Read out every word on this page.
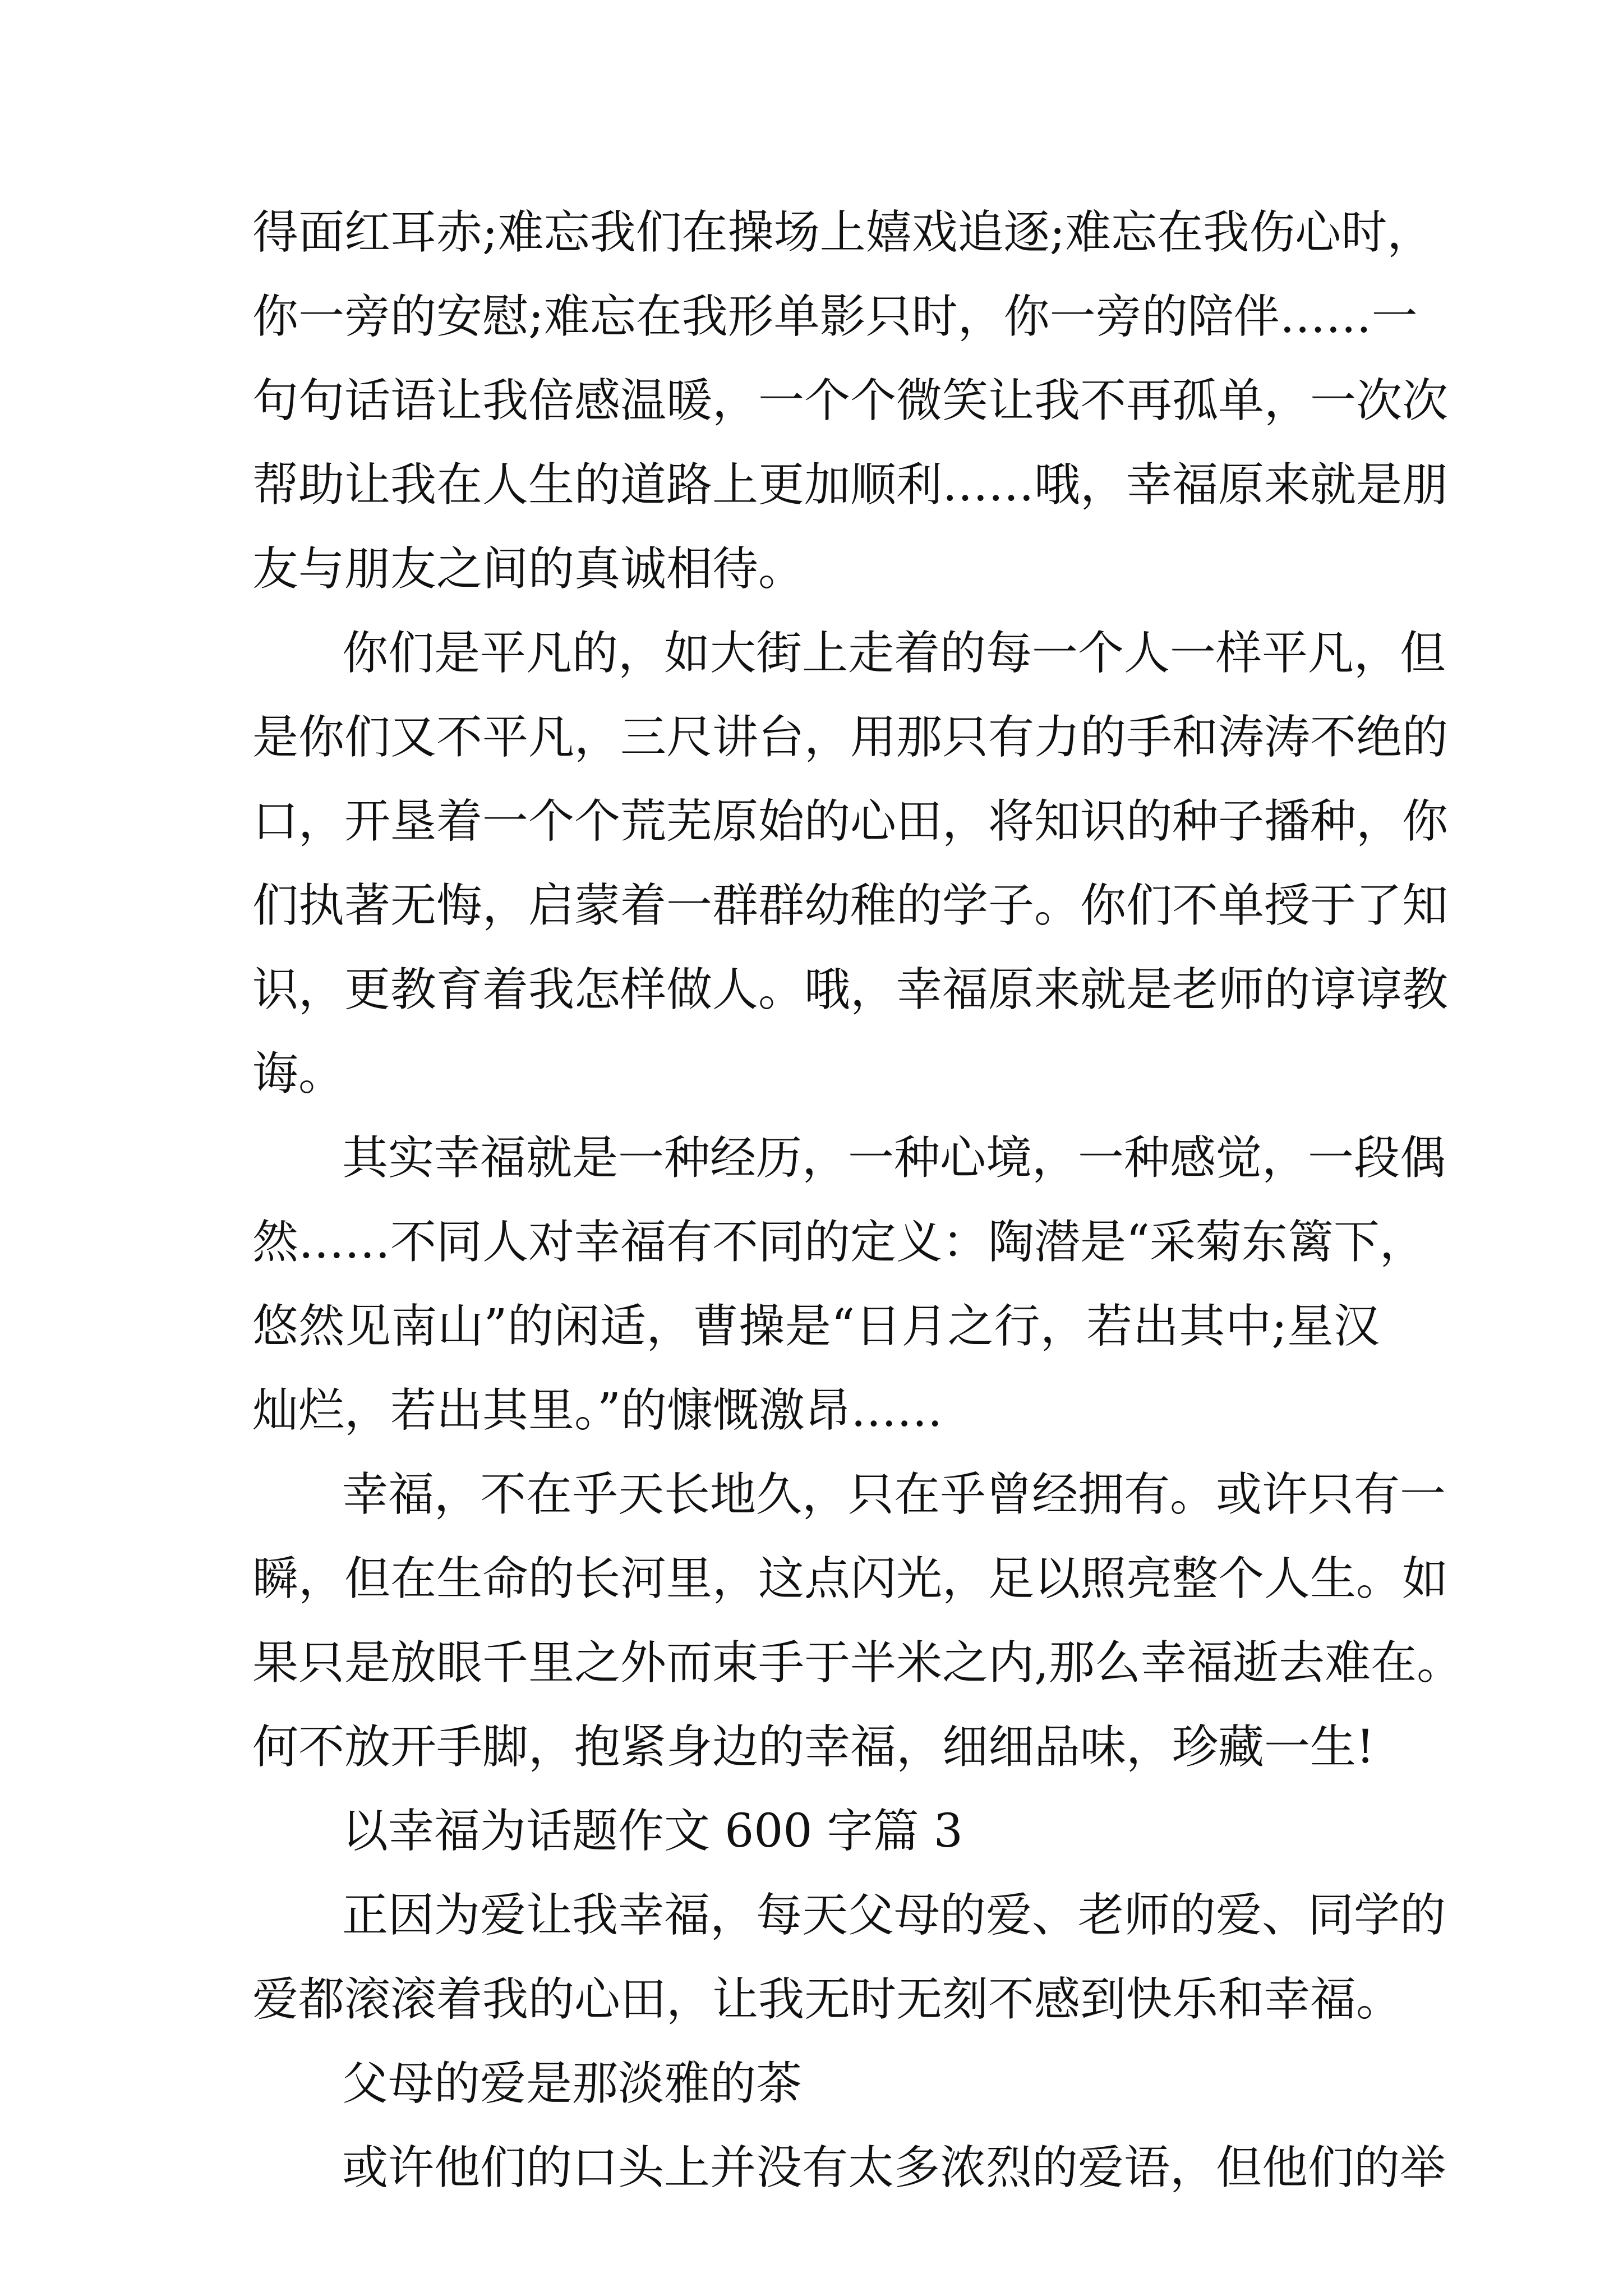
得面红耳赤;难忘我们在操场上嬉戏追逐;难忘在我伤心时，
你一旁的安慰;难忘在我形单影只时，你一旁的陪伴……一
句句话语让我倍感温暖，一个个微笑让我不再孤单，一次次
帮助让我在人生的道路上更加顺利……哦，幸福原来就是朋
友与朋友之间的真诚相待。
你们是平凡的，如大街上走着的每一个人一样平凡，但
是你们又不平凡，三尺讲台，用那只有力的手和涛涛不绝的
口，开垦着一个个荒芜原始的心田，将知识的种子播种，你
们执著无悔，启蒙着一群群幼稚的学子。你们不单授于了知
识，更教育着我怎样做人。哦，幸福原来就是老师的谆谆教
诲。
其实幸福就是一种经历，一种心境，一种感觉，一段偶
然……不同人对幸福有不同的定义：陶潜是“采菊东篱下，
悠然见南山”的闲适，曹操是“日月之行，若出其中;星汉
灿烂，若出其里。”的慷慨激昂……
幸福，不在乎天长地久，只在乎曾经拥有。或许只有一
瞬，但在生命的长河里，这点闪光，足以照亮整个人生。如
果只是放眼千里之外而束手于半米之内,那么幸福逝去难在。
何不放开手脚，抱紧身边的幸福，细细品味，珍藏一生!
以幸福为话题作文 600 字篇 3
正因为爱让我幸福，每天父母的爱、老师的爱、同学的
爱都滚滚着我的心田，让我无时无刻不感到快乐和幸福。
父母的爱是那淡雅的茶
或许他们的口头上并没有太多浓烈的爱语，但他们的举
